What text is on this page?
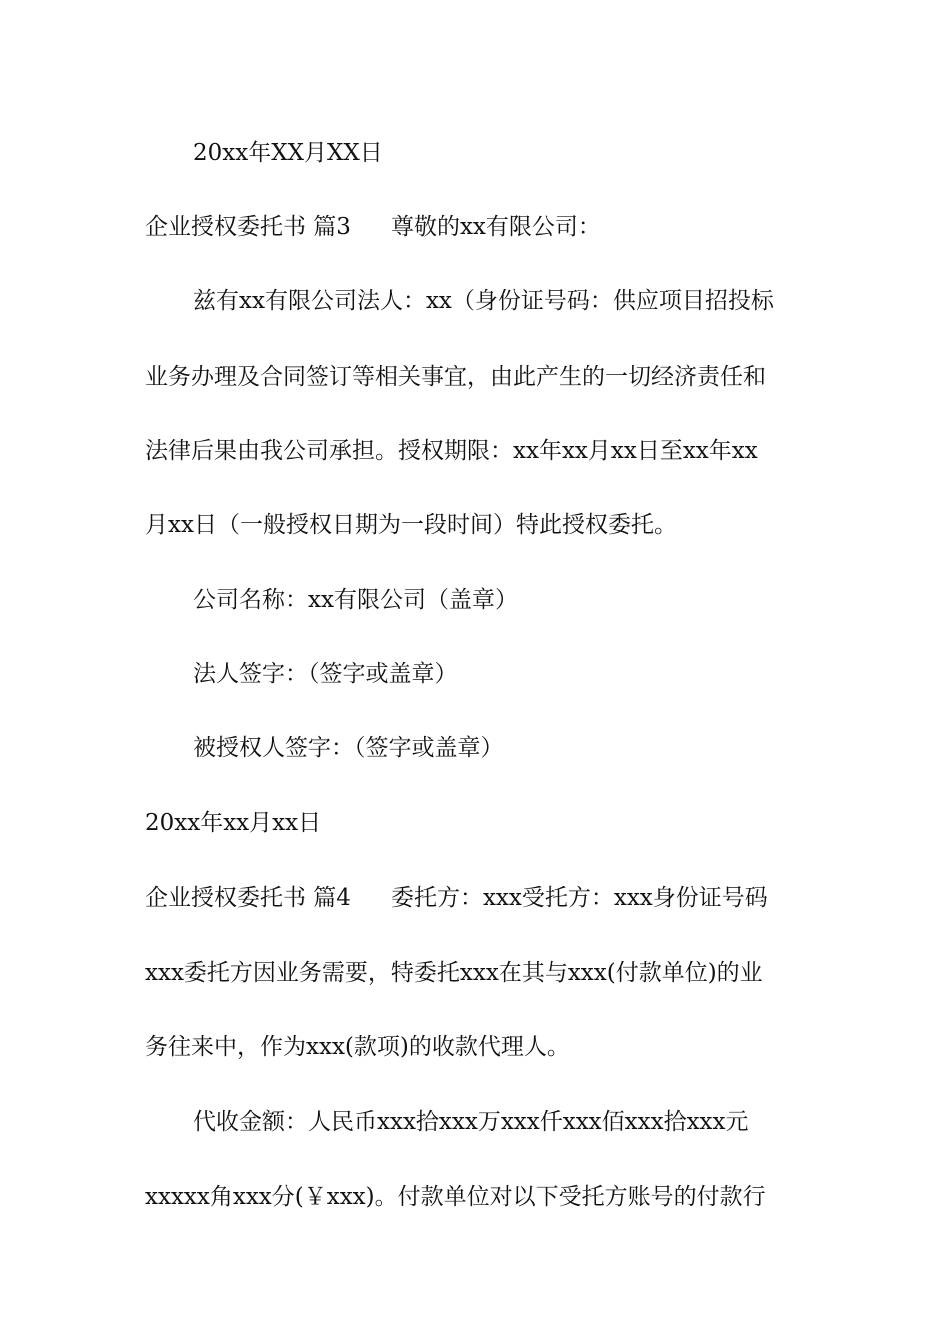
20xx年XX月XX日
企业授权委托书 篇3 尊敬的xx有限公司：
兹有xx有限公司法人：xx（身份证号码：供应项目招投标
业务办理及合同签订等相关事宜，由此产生的一切经济责任和
法律后果由我公司承担。授权期限：xx年xx月xx日至xx年xx
月xx日（一般授权日期为一段时间）特此授权委托。
公司名称：xx有限公司（盖章）
法人签字：（签字或盖章）
被授权人签字：（签字或盖章）
20xx年xx月xx日
企业授权委托书 篇4 委托方：xxx受托方：xxx身份证号码
xxx委托方因业务需要，特委托xxx在其与xxx(付款单位)的业
务往来中，作为xxx(款项)的收款代理人。
代收金额：人民币xxx拾xxx万xxx仟xxx佰xxx拾xxx元
xxxxx角xxx分(￥xxx)。付款单位对以下受托方账号的付款行
